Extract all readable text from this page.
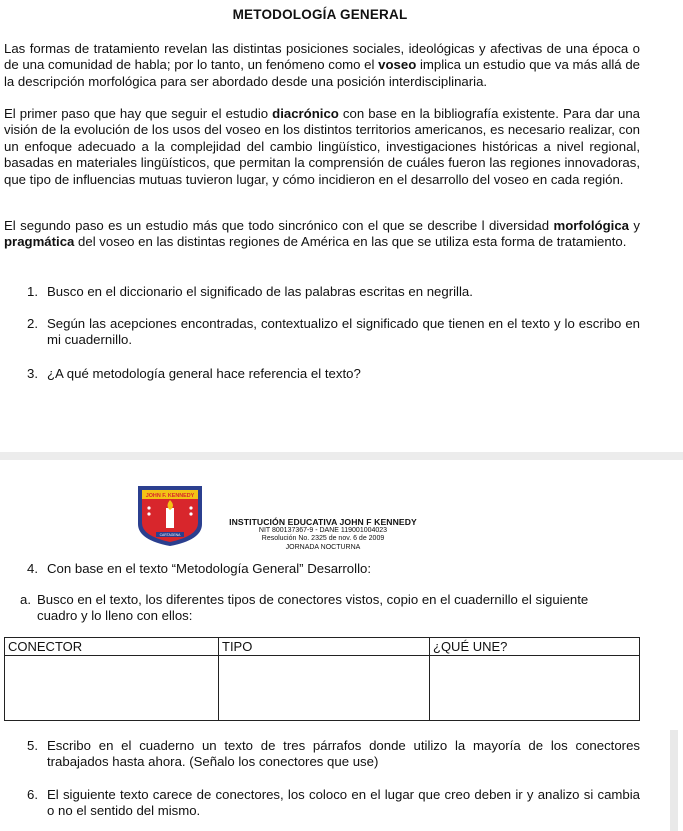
METODOLOGÍA GENERAL

Las formas de tratamiento revelan las distintas posiciones sociales, ideológicas y afectivas de una época o de una comunidad de habla; por lo tanto, un fenómeno como el voseo implica un estudio que va más allá de la descripción morfológica para ser abordado desde una posición interdisciplinaria.

El primer paso que hay que seguir el estudio diacrónico con base en la bibliografía existente. Para dar una visión de la evolución de los usos del voseo en los distintos territorios americanos, es necesario realizar, con un enfoque adecuado a la complejidad del cambio lingüístico, investigaciones históricas a nivel regional, basadas en materiales lingüísticos, que permitan la comprensión de cuáles fueron las regiones innovadoras, que tipo de influencias mutuas tuvieron lugar, y cómo incidieron en el desarrollo del voseo en cada región.

El segundo paso es un estudio más que todo sincrónico con el que se describe l diversidad morfológica y pragmática del voseo en las distintas regiones de América en las que se utiliza esta forma de tratamiento.

1. Busco en el diccionario el significado de las palabras escritas en negrilla.
2. Según las acepciones encontradas, contextualizo el significado que tienen en el texto y lo escribo en mi cuadernillo.
3. ¿A qué metodología general hace referencia el texto?
JOHN F. KENNEDY
CARTAGENA
INSTITUCIÓN EDUCATIVA JOHN F KENNEDY
NIT 800137367-9 - DANE 119001004023
Resolución No. 2325 de nov. 6 de 2009
JORNADA NOCTURNA
4. Con base en el texto “Metodología General” Desarrollo:
a. Busco en el texto, los diferentes tipos de conectores vistos, copio en el cuadernillo el siguiente cuadro y lo lleno con ellos:
CONECTOR	TIPO	¿QUÉ UNE?

5. Escribo en el cuaderno un texto de tres párrafos donde utilizo la mayoría de los conectores trabajados hasta ahora. (Señalo los conectores que use)
6. El siguiente texto carece de conectores, los coloco en el lugar que creo deben ir y analizo si cambia o no el sentido del mismo.
